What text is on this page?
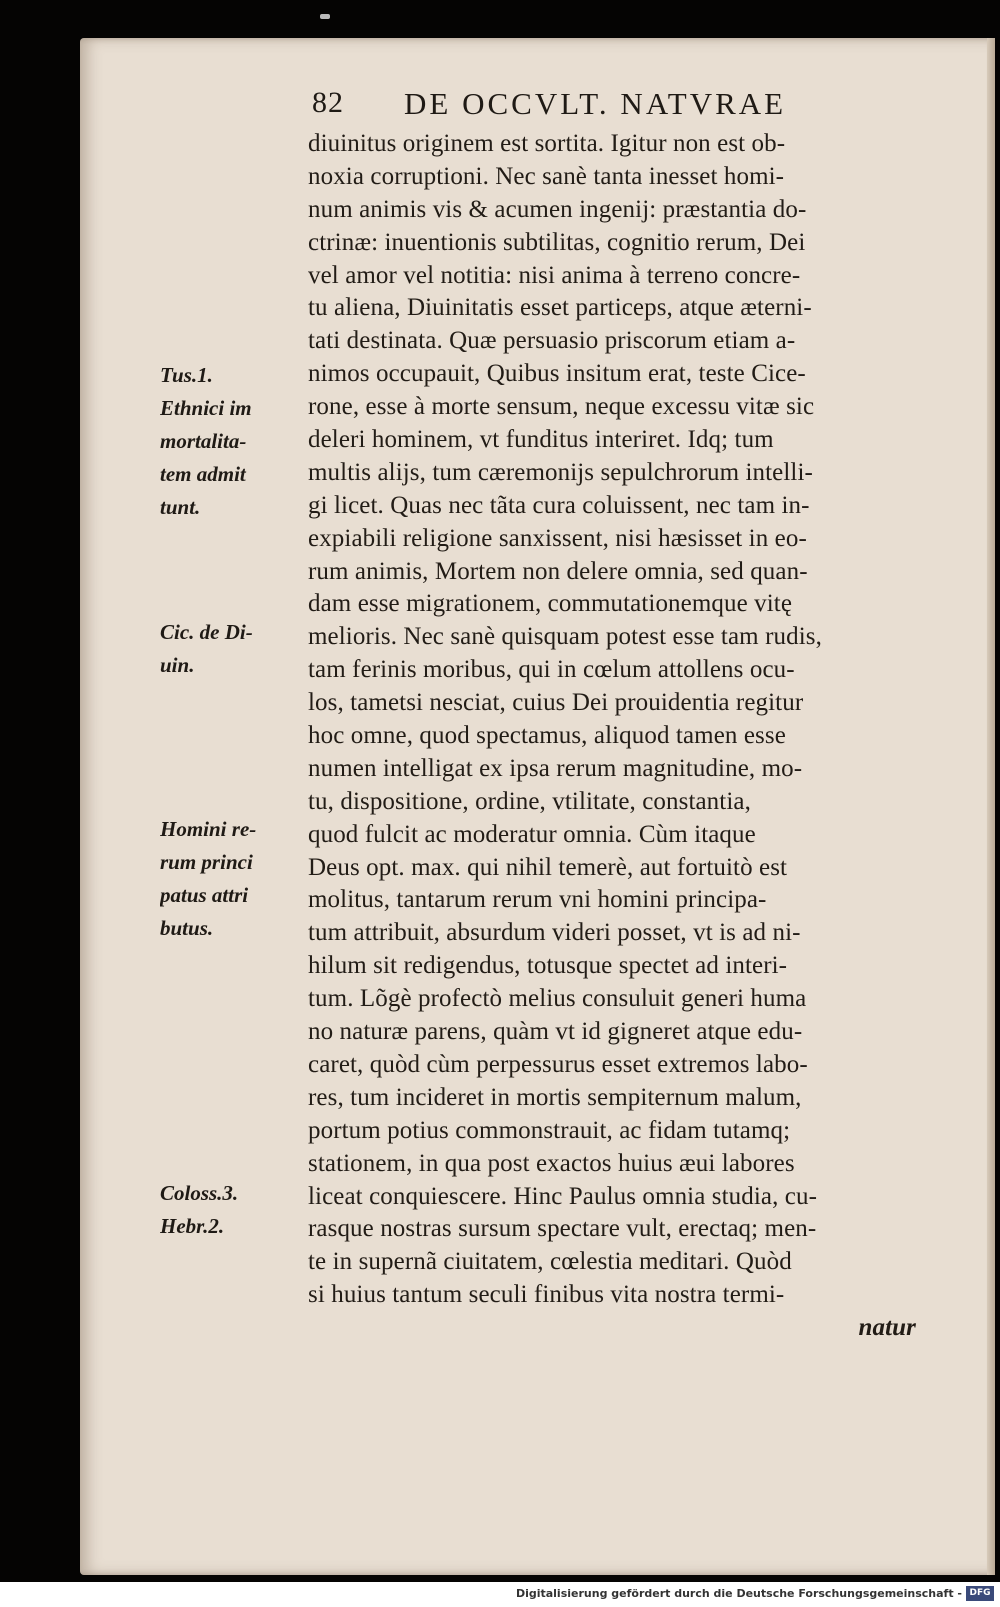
82 DE OCCVLT. NATVRAE
diuinitus originem est sortita. Igitur non est ob-
noxia corruptioni. Nec sanè tanta inesset homi-
num animis vis & acumen ingenij: præstantia do-
ctrinæ: inuentionis subtilitas, cognitio rerum, Dei
vel amor vel notitia: nisi anima à terreno concre-
tu aliena, Diuinitatis esset particeps, atque æterni-
tati destinata. Quæ persuasio priscorum etiam a-
nimos occupauit, Quibus insitum erat, teste Cice-
rone, esse à morte sensum, neque excessu vitæ sic
deleri hominem, vt funditus interiret. Idq; tum
multis alijs, tum cæremonijs sepulchrorum intelli-
gi licet. Quas nec tãta cura coluissent, nec tam in-
expiabili religione sanxissent, nisi hæsisset in eo-
rum animis, Mortem non delere omnia, sed quan-
dam esse migrationem, commutationemque vitę
melioris. Nec sanè quisquam potest esse tam rudis,
tam ferinis moribus, qui in cœlum attollens ocu-
los, tametsi nesciat, cuius Dei prouidentia regitur
hoc omne, quod spectamus, aliquod tamen esse
numen intelligat ex ipsa rerum magnitudine, mo-
tu, dispositione, ordine, vtilitate, constantia,
quod fulcit ac moderatur omnia. Cùm itaque
Deus opt. max. qui nihil temerè, aut fortuitò est
molitus, tantarum rerum vni homini principa-
tum attribuit, absurdum videri posset, vt is ad ni-
hilum sit redigendus, totusque spectet ad interi-
tum. Lõgè profectò melius consuluit generi huma
no naturæ parens, quàm vt id gigneret atque edu-
caret, quòd cùm perpessurus esset extremos labo-
res, tum incideret in mortis sempiternum malum,
portum potius commonstrauit, ac fidam tutamq;
stationem, in qua post exactos huius æui labores
liceat conquiescere. Hinc Paulus omnia studia, cu-
rasque nostras sursum spectare vult, erectaq; men-
te in supernã ciuitatem, cœlestia meditari. Quòd
si huius tantum seculi finibus vita nostra termi-
natur
Tus.1.
Ethnici im
mortalita-
tem admit
tunt.
Cic. de Di-
uin.
Homini re-
rum princi
patus attri
butus.
Coloss.3.
Hebr.2.
Digitalisierung gefördert durch die Deutsche Forschungsgemeinschaft - DFG
